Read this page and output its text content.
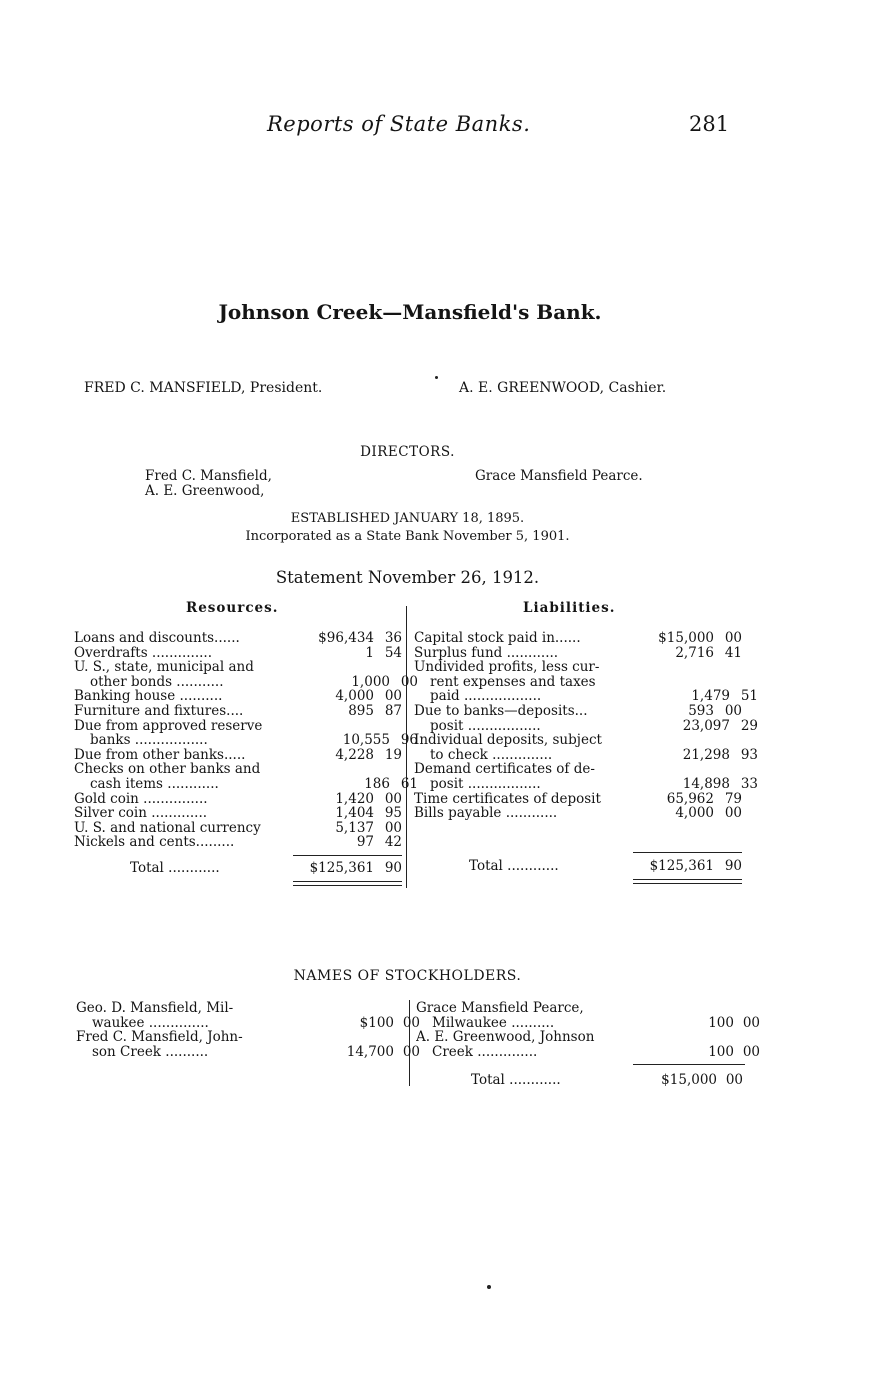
Reports of State Banks.	281
Johnson Creek—Mansfield's Bank.
FRED C. MANSFIELD, President.	A. E. GREENWOOD, Cashier.
DIRECTORS.
Fred C. Mansfield,
A. E. Greenwood,
Grace Mansfield Pearce.
ESTABLISHED JANUARY 18, 1895.
Incorporated as a State Bank November 5, 1901.
Statement November 26, 1912.
Resources.	Liabilities.
Loans and discounts......	$96,434 36
Overdrafts ..............	1 54
U. S., state, municipal and
other bonds ...........	1,000 00
Banking house ..........	4,000 00
Furniture and fixtures....	895 87
Due from approved reserve
banks .................	10,555 96
Due from other banks.....	4,228 19
Checks on other banks and
cash items ............	186 61
Gold coin ...............	1,420 00
Silver coin .............	1,404 95
U. S. and national currency	5,137 00
Nickels and cents.........	97 42
Capital stock paid in......	$15,000 00
Surplus fund ............	2,716 41
Undivided profits, less cur-
rent expenses and taxes
paid ..................	1,479 51
Due to banks—deposits...	593 00
posit .................	23,097 29
Individual deposits, subject
to check ..............	21,298 93
Demand certificates of de-
posit .................	14,898 33
Time certificates of deposit	65,962 79
Bills payable ............	4,000 00
Total ............	$125,361 90	Total ............	$125,361 90
NAMES OF STOCKHOLDERS.
Geo. D. Mansfield, Mil-
waukee ..............	$100 00
Fred C. Mansfield, John-
son Creek ..........	14,700 00
Grace Mansfield Pearce,
Milwaukee ..........	100 00
A. E. Greenwood, Johnson
Creek ..............	100 00
Total ............	$15,000 00
